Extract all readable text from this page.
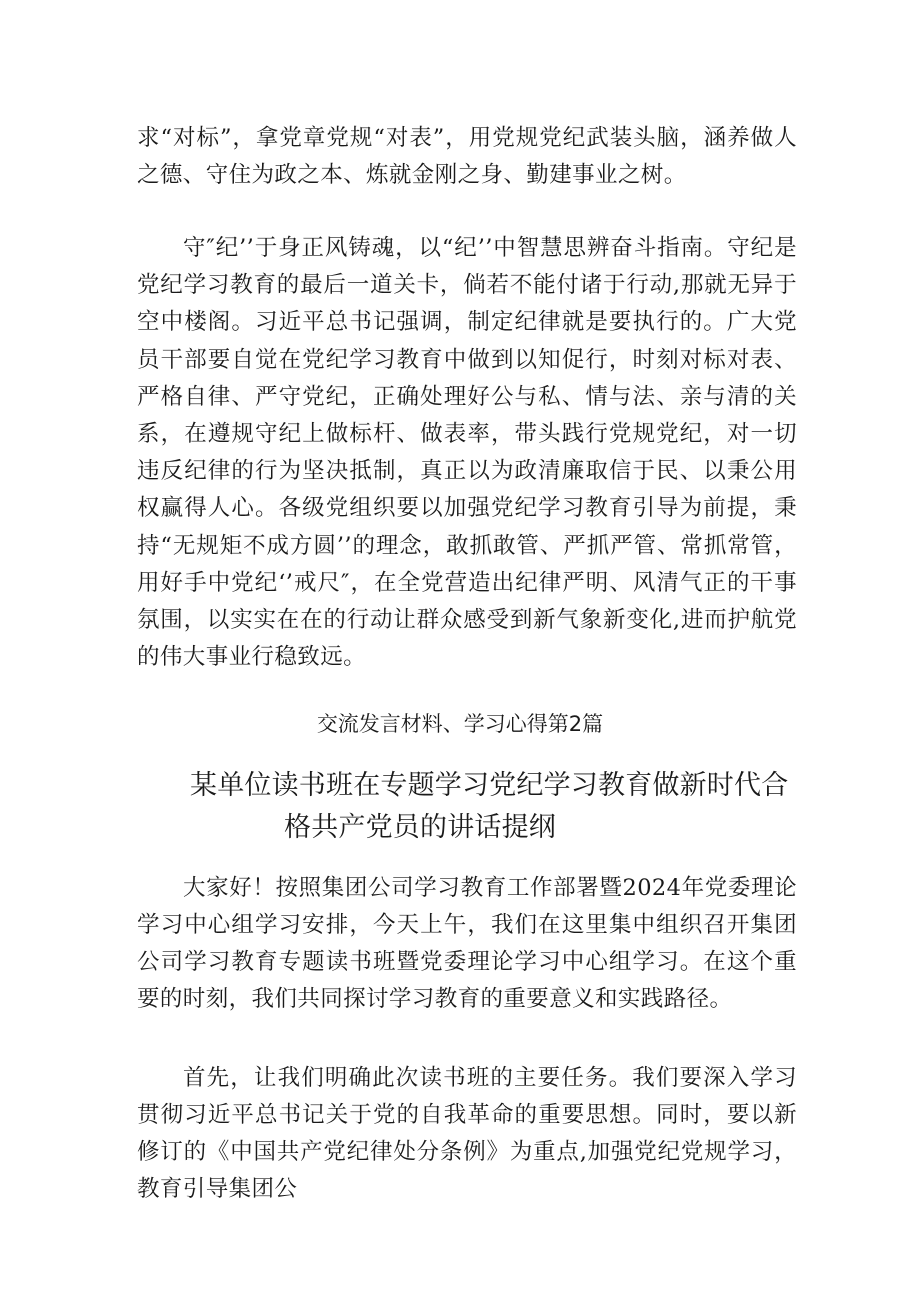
求“对标”，拿党章党规“对表”，用党规党纪武装头脑，涵养做人之德、守住为政之本、炼就金刚之身、勤建事业之树。

守″纪’’于身正风铸魂，以“纪’’中智慧思辨奋斗指南。守纪是党纪学习教育的最后一道关卡，倘若不能付诸于行动,那就无异于空中楼阁。习近平总书记强调，制定纪律就是要执行的。广大党员干部要自觉在党纪学习教育中做到以知促行，时刻对标对表、严格自律、严守党纪，正确处理好公与私、情与法、亲与清的关系，在遵规守纪上做标杆、做表率，带头践行党规党纪，对一切违反纪律的行为坚决抵制，真正以为政清廉取信于民、以秉公用权赢得人心。各级党组织要以加强党纪学习教育引导为前提，秉持“无规矩不成方圆’’的理念，敢抓敢管、严抓严管、常抓常管，用好手中党纪‘’戒尺″，在全党营造出纪律严明、风清气正的干事氛围，以实实在在的行动让群众感受到新气象新变化,进而护航党的伟大事业行稳致远。

交流发言材料、学习心得第2篇

某单位读书班在专题学习党纪学习教育做新时代合
格共产党员的讲话提纲

大家好！按照集团公司学习教育工作部署暨2024年党委理论学习中心组学习安排，今天上午，我们在这里集中组织召开集团公司学习教育专题读书班暨党委理论学习中心组学习。在这个重要的时刻，我们共同探讨学习教育的重要意义和实践路径。

首先，让我们明确此次读书班的主要任务。我们要深入学习贯彻习近平总书记关于党的自我革命的重要思想。同时，要以新修订的《中国共产党纪律处分条例》为重点,加强党纪党规学习，教育引导集团公
